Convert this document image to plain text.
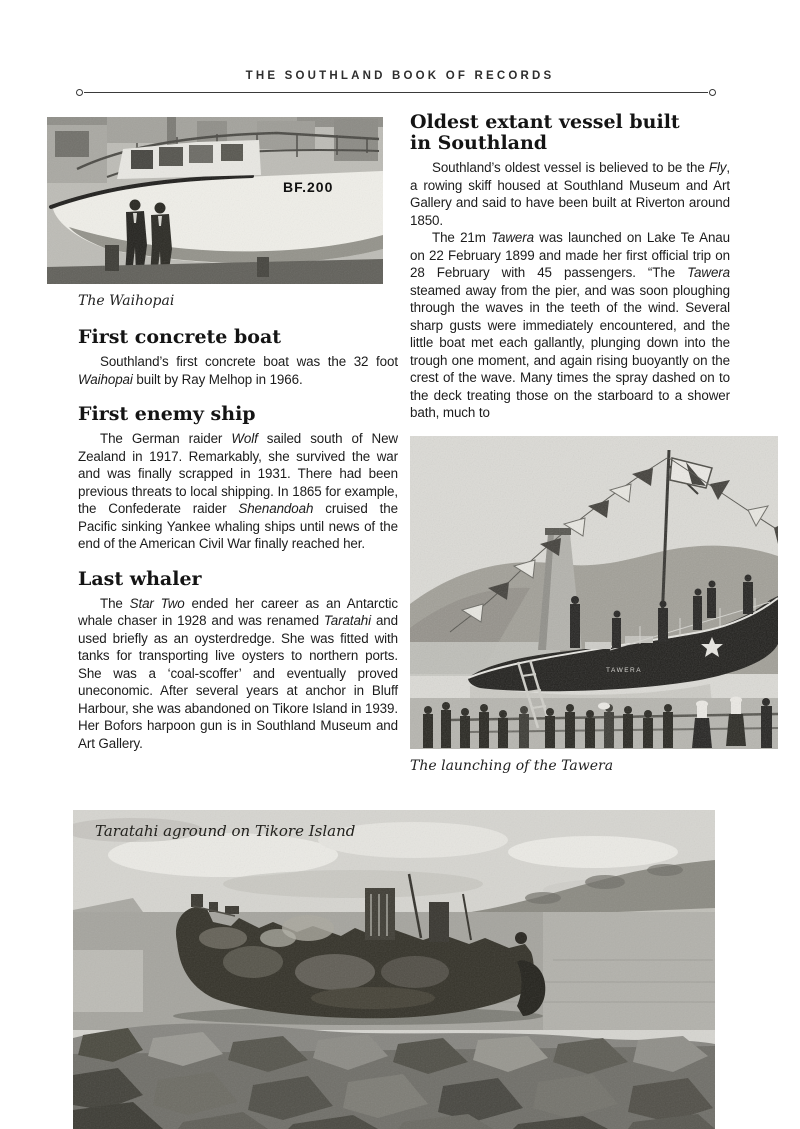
THE SOUTHLAND BOOK OF RECORDS
BF.200
The Waihopai
First concrete boat

Southland’s first concrete boat was the 32 foot Waihopai built by Ray Melhop in 1966.

First enemy ship

The German raider Wolf sailed south of New Zealand in 1917. Remarkably, she survived the war and was finally scrapped in 1931. There had been previous threats to local shipping. In 1865 for example, the Confederate raider Shenandoah cruised the Pacific sinking Yankee whaling ships until news of the end of the American Civil War finally reached her.

Last whaler

The Star Two ended her career as an Antarctic whale chaser in 1928 and was renamed Taratahi and used briefly as an oysterdredge. She was fitted with tanks for transporting live oysters to northern ports. She was a ‘coal-scoffer’ and eventually proved uneconomic. After several years at anchor in Bluff Harbour, she was abandoned on Tikore Island in 1939. Her Bofors harpoon gun is in Southland Museum and Art Gallery.

Oldest extant vessel built
in Southland

Southland’s oldest vessel is believed to be the Fly, a rowing skiff housed at Southland Museum and Art Gallery and said to have been built at Riverton around 1850.

The 21m Tawera was launched on Lake Te Anau on 22 February 1899 and made her first official trip on 28 February with 45 passengers. “The Tawera steamed away from the pier, and was soon ploughing through the waves in the teeth of the wind. Several sharp gusts were immediately encountered, and the little boat met each gallantly, plunging down into the trough one moment, and again rising buoyantly on the crest of the wave. Many times the spray dashed on to the deck treating those on the starboard to a shower bath, much to

The launching of the Tawera
Taratahi aground on Tikore Island
